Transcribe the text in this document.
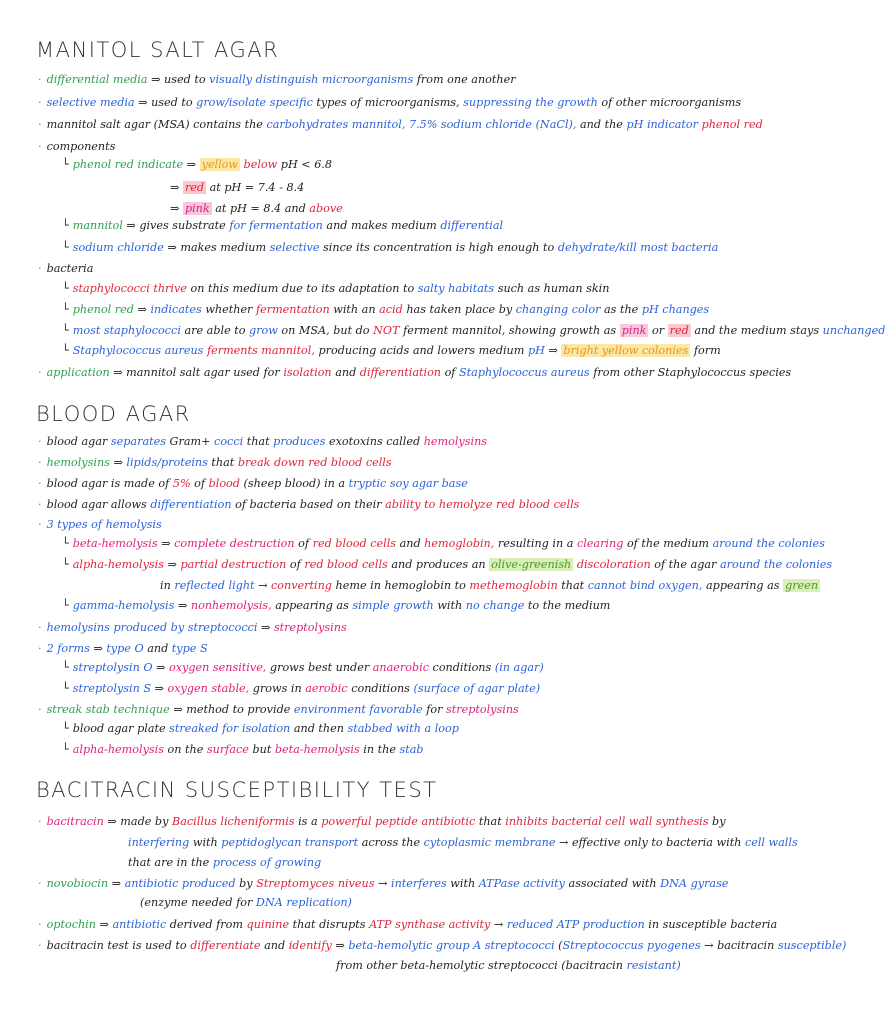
MANITOL SALT AGAR
· differential media ⇒ used to visually distinguish microorganisms from one another
· selective media ⇒ used to grow/isolate specific types of microorganisms, suppressing the growth of other microorganisms
· mannitol salt agar (MSA) contains the carbohydrates mannitol, 7.5% sodium chloride (NaCl), and the pH indicator phenol red
· components
└ phenol red indicate ⇒ yellow below pH < 6.8
⇒ red at pH = 7.4 - 8.4
⇒ pink at pH = 8.4 and above
└ mannitol ⇒ gives substrate for fermentation and makes medium differential
└ sodium chloride ⇒ makes medium selective since its concentration is high enough to dehydrate/kill most bacteria
· bacteria
└ staphylococci thrive on this medium due to its adaptation to salty habitats such as human skin
└ phenol red ⇒ indicates whether fermentation with an acid has taken place by changing color as the pH changes
└ most staphylococci are able to grow on MSA, but do NOT ferment mannitol, showing growth as pink or red and the medium stays unchanged
└ Staphylococcus aureus ferments mannitol, producing acids and lowers medium pH ⇒ bright yellow colonies form
· application ⇒ mannitol salt agar used for isolation and differentiation of Staphylococcus aureus from other Staphylococcus species
BLOOD AGAR
· blood agar separates Gram+ cocci that produces exotoxins called hemolysins
· hemolysins ⇒ lipids/proteins that break down red blood cells
· blood agar is made of 5% of blood (sheep blood) in a tryptic soy agar base
· blood agar allows differentiation of bacteria based on their ability to hemolyze red blood cells
· 3 types of hemolysis
└ beta-hemolysis ⇒ complete destruction of red blood cells and hemoglobin, resulting in a clearing of the medium around the colonies
└ alpha-hemolysis ⇒ partial destruction of red blood cells and produces an olive-greenish discoloration of the agar around the colonies
in reflected light → converting heme in hemoglobin to methemoglobin that cannot bind oxygen, appearing as green
└ gamma-hemolysis ⇒ nonhemolysis, appearing as simple growth with no change to the medium
· hemolysins produced by streptococci ⇒ streptolysins
· 2 forms ⇒ type O and type S
└ streptolysin O ⇒ oxygen sensitive, grows best under anaerobic conditions (in agar)
└ streptolysin S ⇒ oxygen stable, grows in aerobic conditions (surface of agar plate)
· streak stab technique ⇒ method to provide environment favorable for streptolysins
└ blood agar plate streaked for isolation and then stabbed with a loop
└ alpha-hemolysis on the surface but beta-hemolysis in the stab
BACITRACIN SUSCEPTIBILITY TEST
· bacitracin ⇒ made by Bacillus licheniformis is a powerful peptide antibiotic that inhibits bacterial cell wall synthesis by
interfering with peptidoglycan transport across the cytoplasmic membrane → effective only to bacteria with cell walls
that are in the process of growing
· novobiocin ⇒ antibiotic produced by Streptomyces niveus → interferes with ATPase activity associated with DNA gyrase
(enzyme needed for DNA replication)
· optochin ⇒ antibiotic derived from quinine that disrupts ATP synthase activity → reduced ATP production in susceptible bacteria
· bacitracin test is used to differentiate and identify ⇒ beta-hemolytic group A streptococci (Streptococcus pyogenes → bacitracin susceptible)
from other beta-hemolytic streptococci (bacitracin resistant)
